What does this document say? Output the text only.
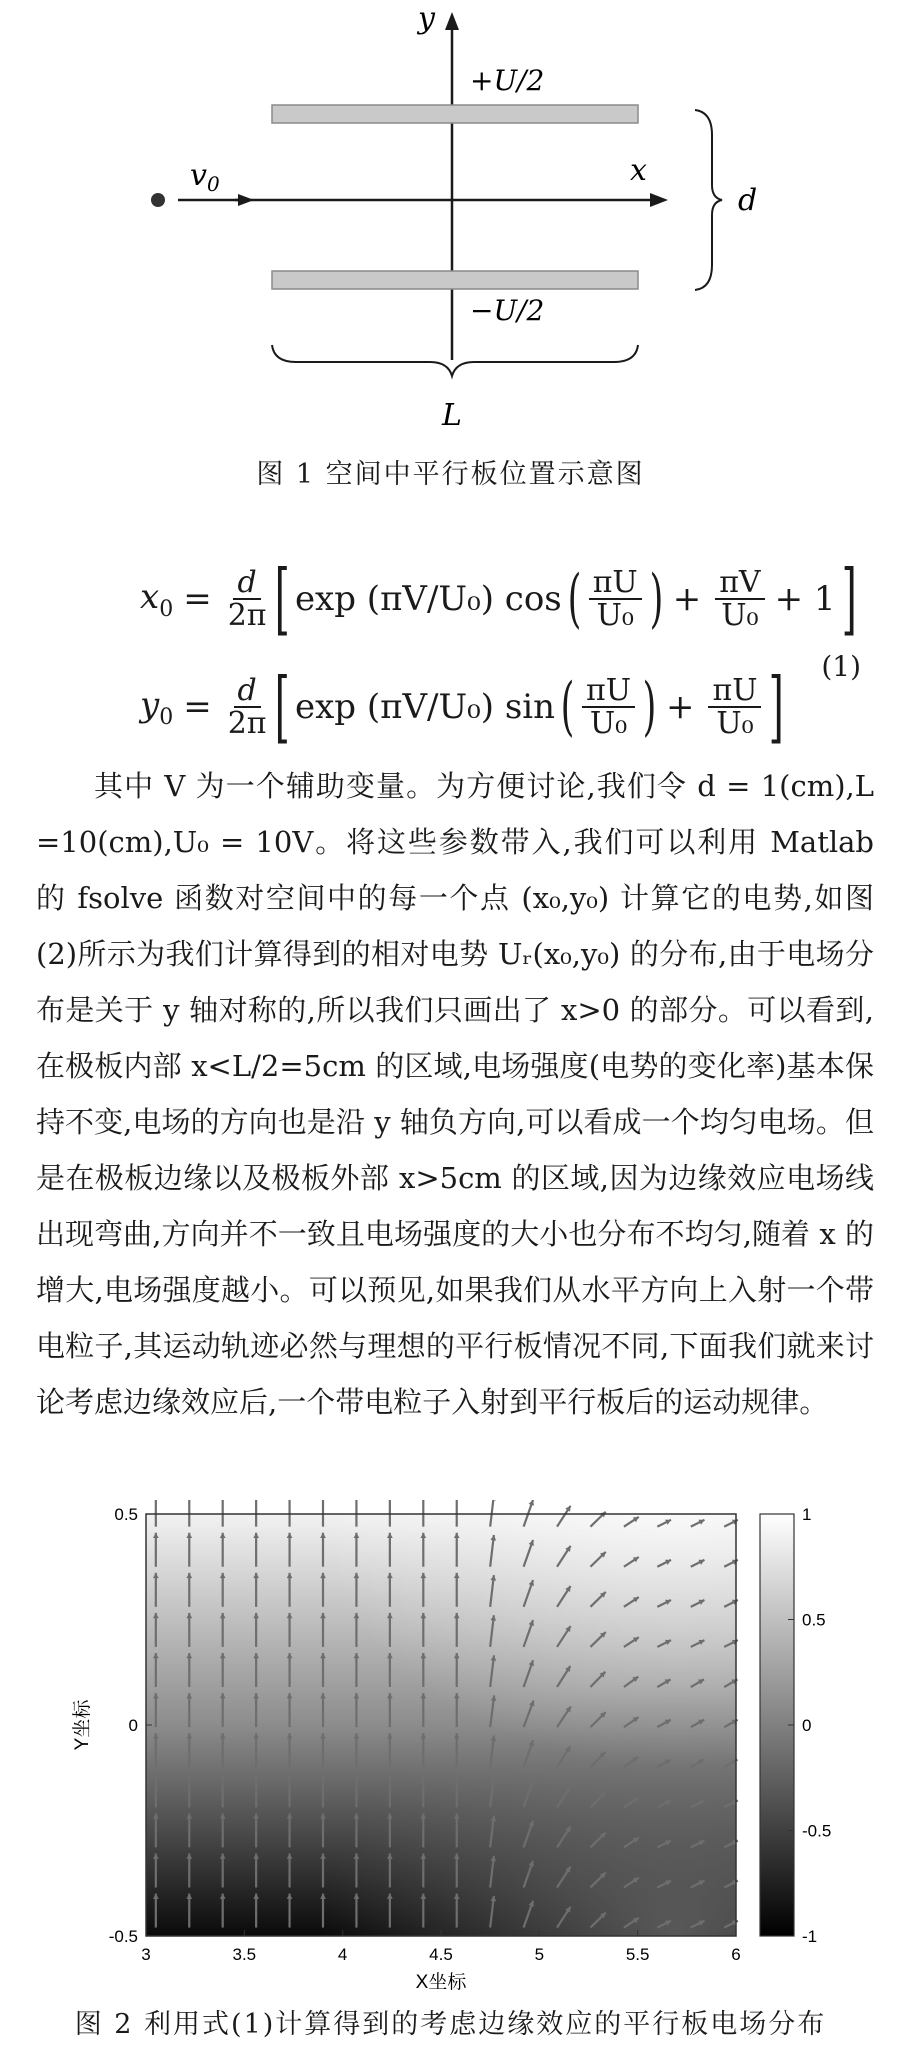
y
+U/2
−U/2
x
$v_0$	d
L
图 1 空间中平行板位置示意图
$x_0 = \frac{d}{2\pi}$ [ exp (πV/U₀) cos ( $\frac{\pi U}{\text{U₀}}$ ) + $\frac{\pi V}{\text{U₀}} + 1$ ]
$y_0 = \frac{d}{2\pi}$ [ exp (πV/U₀) sin ( $\frac{\pi U}{\text{U₀}}$ ) + $\frac{\pi U}{\text{U₀}}$ ] (1)

其中 V 为一个辅助变量。为方便讨论,我们令 d = 1(cm),L =10(cm),U₀ = 10V。将这些参数带入,我们可以利用 Matlab 的 fsolve 函数对空间中的每一个点 (x₀,y₀) 计算它的电势,如图(2)所示为我们计算得到的相对电势 Uᵣ(x₀,y₀) 的分布,由于电场分布是关于 y 轴对称的,所以我们只画出了 x>0 的部分。可以看到,在极板内部 x<L/2=5cm 的区域,电场强度(电势的变化率)基本保持不变,电场的方向也是沿 y 轴负方向,可以看成一个均匀电场。但是在极板边缘以及极板外部 x>5cm 的区域,因为边缘效应电场线出现弯曲,方向并不一致且电场强度的大小也分布不均匀,随着 x 的增大,电场强度越小。可以预见,如果我们从水平方向上入射一个带电粒子,其运动轨迹必然与理想的平行板情况不同,下面我们就来讨论考虑边缘效应后,一个带电粒子入射到平行板后的运动规律。

3	3.5	4	4.5	5	5.5	6
0.5
0
-0.5
X坐标
Y坐标
1
0.5
0
-0.5
-1
图 2 利用式(1)计算得到的考虑边缘效应的平行板电场分布
